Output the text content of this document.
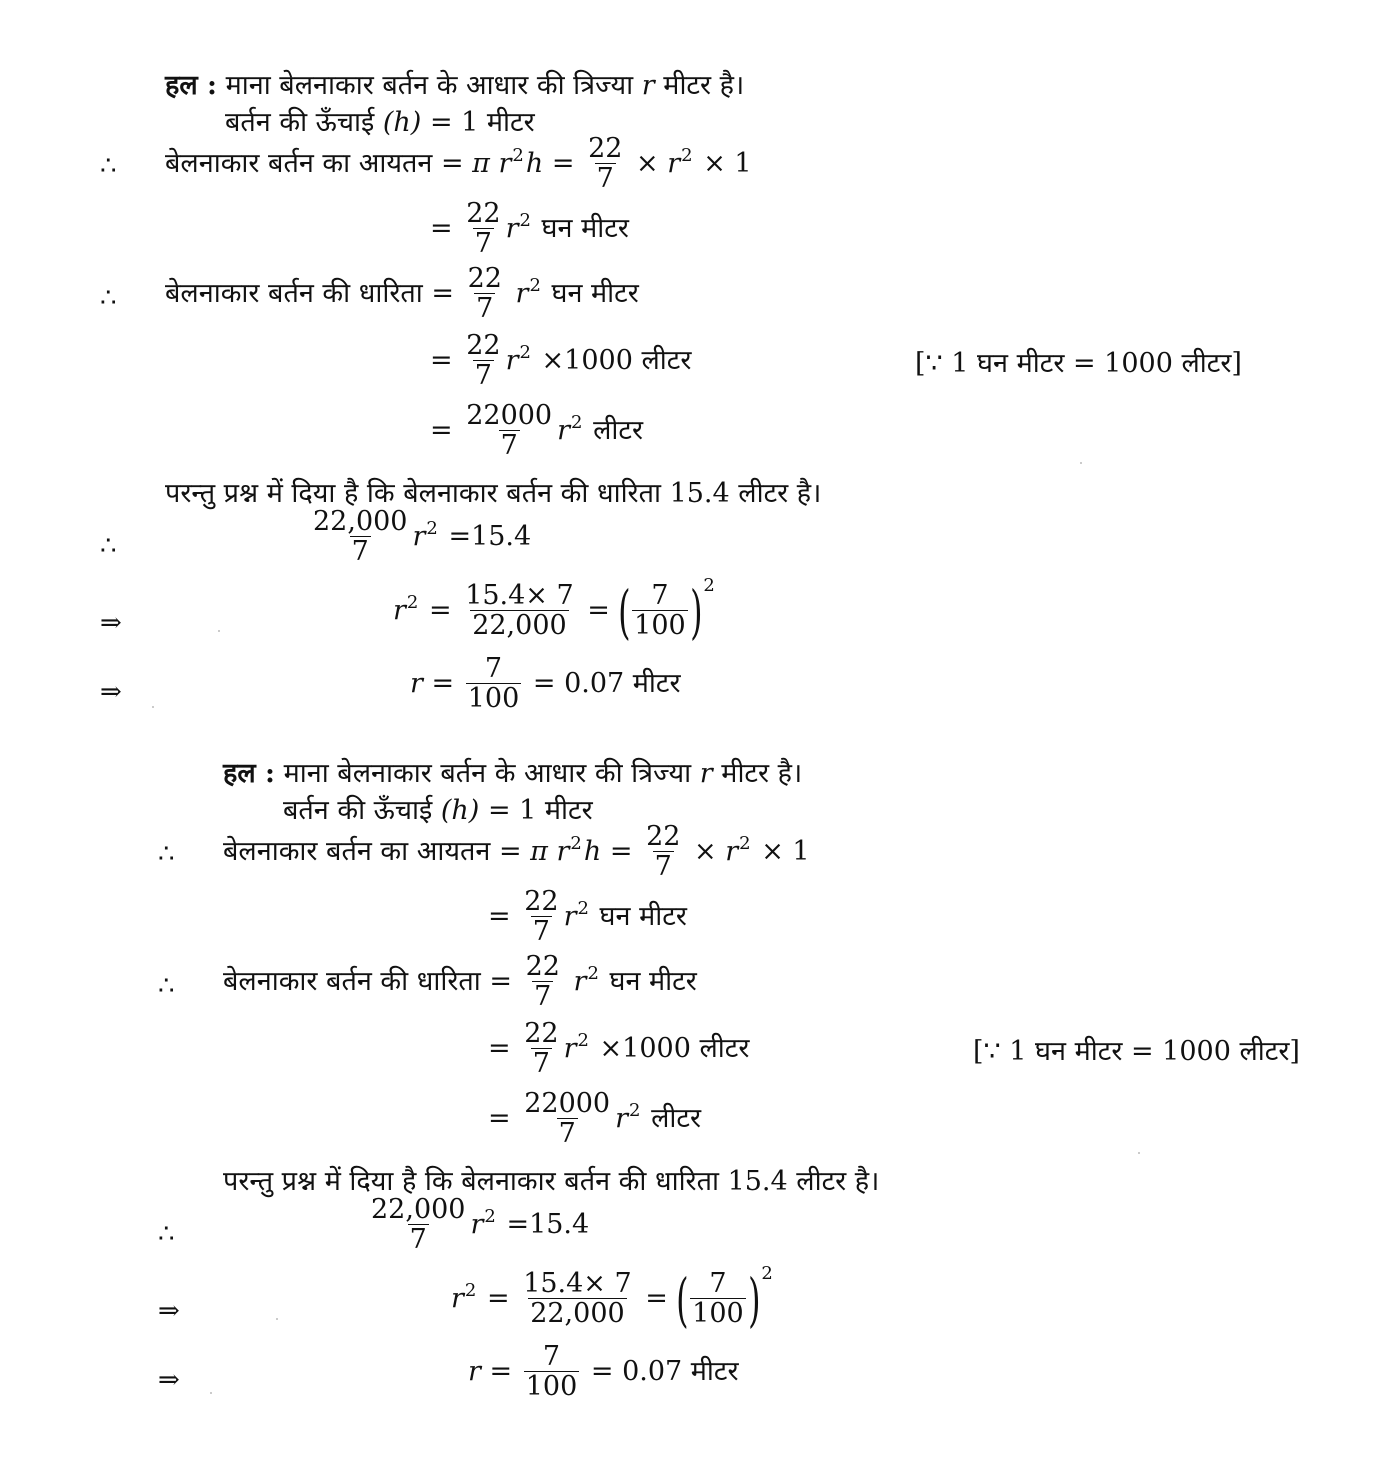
हल : माना बेलनाकार बर्तन के आधार की त्रिज्या r मीटर है।
बर्तन की ऊँचाई (h) = 1 मीटर
∴ बेलनाकार बर्तन का आयतन = π $r^2h = \frac{22}{7} \times r^2 \times 1$
= $\frac{22}{7} r^2$ घन मीटर
∴ बेलनाकार बर्तन की धारिता = $\frac{22}{7} r^2$ घन मीटर
= $\frac{22}{7} r^2 \times 1000$ लीटर	[∵ 1 घन मीटर = 1000 लीटर]
= $\frac{22000}{7} r^2$ लीटर
परन्तु प्रश्न में दिया है कि बेलनाकार बर्तन की धारिता 15.4 लीटर है।
∴	$\frac{22,000}{7} r^2 =15.4$
⇒	$r^2 = \frac{15.4\times 7}{22,000}$ = ( $\frac{7}{100} )^2$
⇒	$r = \frac{7}{100} = 0.07$ मीटर
हल : माना बेलनाकार बर्तन के आधार की त्रिज्या r मीटर है।
बर्तन की ऊँचाई (h) = 1 मीटर
∴ बेलनाकार बर्तन का आयतन = π $r^2h = \frac{22}{7} \times r^2 \times 1$
= $\frac{22}{7} r^2$ घन मीटर
∴ बेलनाकार बर्तन की धारिता = $\frac{22}{7} r^2$ घन मीटर
= $\frac{22}{7} r^2 \times 1000$ लीटर	[∵ 1 घन मीटर = 1000 लीटर]
= $\frac{22000}{7} r^2$ लीटर
परन्तु प्रश्न में दिया है कि बेलनाकार बर्तन की धारिता 15.4 लीटर है।
∴	$\frac{22,000}{7} r^2 =15.4$
⇒	$r^2 = \frac{15.4\times 7}{22,000}$ = ( $\frac{7}{100} )^2$
⇒	$r = \frac{7}{100} = 0.07$ मीटर
